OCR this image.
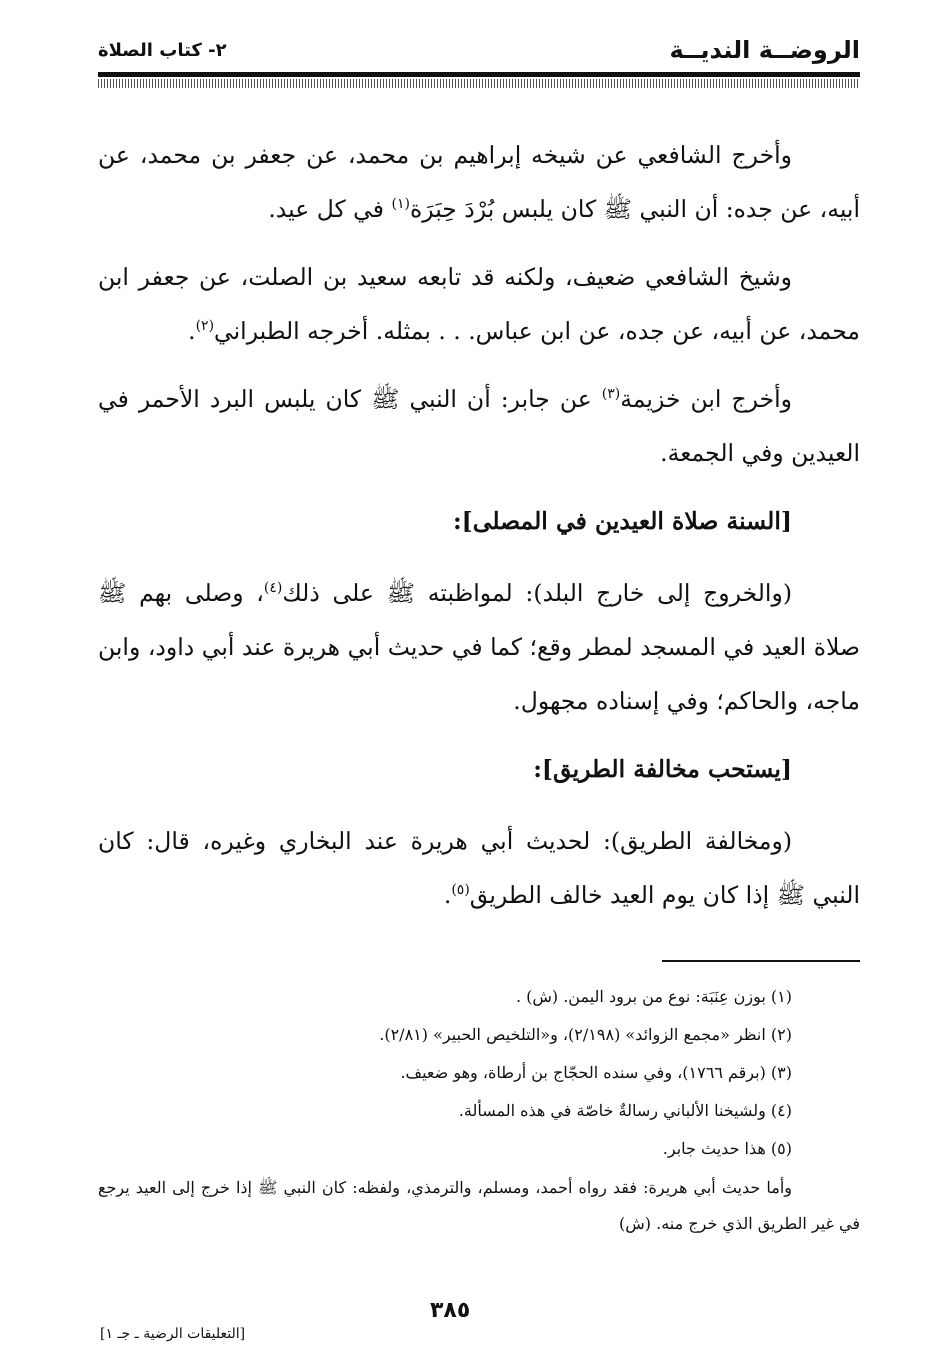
الروضــة النديــة
٢- كتاب الصلاة

وأخرج الشافعي عن شيخه إبراهيم بن محمد، عن جعفر بن محمد، عن أبيه، عن جده: أن النبي ﷺ كان يلبس بُرْدَ حِبَرَة$^{(١)}$ في كل عيد.

وشيخ الشافعي ضعيف، ولكنه قد تابعه سعيد بن الصلت، عن جعفر ابن محمد، عن أبيه، عن جده، عن ابن عباس. . . بمثله. أخرجه الطبراني$^{(٢)}$.

وأخرج ابن خزيمة$^{(٣)}$ عن جابر: أن النبي ﷺ كان يلبس البرد الأحمر في العيدين وفي الجمعة.

[السنة صلاة العيدين في المصلى]:

(والخروج إلى خارج البلد): لمواظبته ﷺ على ذلك$^{(٤)}$، وصلى بهم ﷺ صلاة العيد في المسجد لمطر وقع؛ كما في حديث أبي هريرة عند أبي داود، وابن ماجه، والحاكم؛ وفي إسناده مجهول.

[يستحب مخالفة الطريق]:

(ومخالفة الطريق): لحديث أبي هريرة عند البخاري وغيره، قال: كان النبي ﷺ إذا كان يوم العيد خالف الطريق$^{(٥)}$.

(١) بوزن عِنَبَة: نوع من برود اليمن. (ش) .
(٢) انظر «مجمع الزوائد» (٢/١٩٨)، و«التلخيص الحبير» (٢/٨١).
(٣) (برقم ١٧٦٦)، وفي سنده الحجّاج بن أرطاة، وهو ضعيف.
(٤) ولشيخنا الألباني رسالةٌ خاصّة في هذه المسألة.
(٥) هذا حديث جابر.
وأما حديث أبي هريرة: فقد رواه أحمد، ومسلم، والترمذي، ولفظه: كان النبي ﷺ إذا خرج إلى العيد يرجع في غير الطريق الذي خرج منه. (ش)
٣٨٥
[التعليقات الرضية ـ جـ ١]
